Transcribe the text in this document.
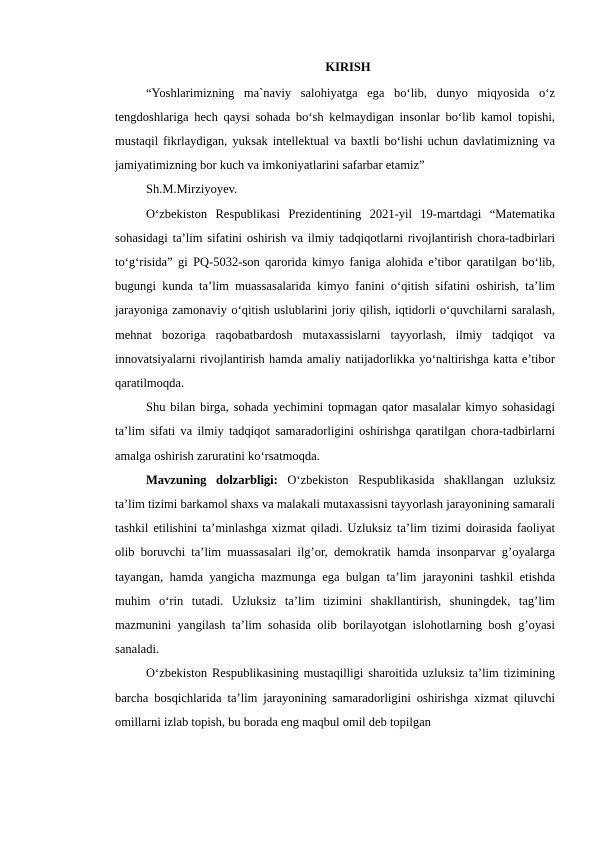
KIRISH

“Yoshlarimizning ma`naviy salohiyatga ega bo‘lib, dunyo miqyosida o‘z tengdoshlariga hech qaysi sohada bo‘sh kelmaydigan insonlar bo‘lib kamol topishi, mustaqil fikrlaydigan, yuksak intellektual va baxtli bo‘lishi uchun davlatimizning va jamiyatimizning bor kuch va imkoniyatlarini safarbar etamiz”

Sh.M.Mirziyoyev.

O‘zbekiston Respublikasi Prezidentining 2021-yil 19-martdagi “Matematika sohasidagi ta’lim sifatini oshirish va ilmiy tadqiqotlarni rivojlantirish chora-tadbirlari to‘g‘risida” gi PQ-5032-son qarorida kimyo faniga alohida e’tibor qaratilgan bo‘lib, bugungi kunda ta’lim muassasalarida kimyo fanini o‘qitish sifatini oshirish, ta’lim jarayoniga zamonaviy o‘qitish uslublarini joriy qilish, iqtidorli o‘quvchilarni saralash, mehnat bozoriga raqobatbardosh mutaxassislarni tayyorlash, ilmiy tadqiqot va innovatsiyalarni rivojlantirish hamda amaliy natijadorlikka yo‘naltirishga katta e’tibor qaratilmoqda.

Shu bilan birga, sohada yechimini topmagan qator masalalar kimyo sohasidagi ta’lim sifati va ilmiy tadqiqot samaradorligini oshirishga qaratilgan chora-tadbirlarni amalga oshirish zaruratini ko‘rsatmoqda.

Mavzuning dolzarbligi: O‘zbekiston Respublikasida shakllangan uzluksiz ta’lim tizimi barkamol shaxs va malakali mutaxassisni tayyorlash jarayonining samarali tashkil etilishini ta’minlashga xizmat qiladi. Uzluksiz ta’lim tizimi doirasida faoliyat olib boruvchi ta’lim muassasalari ilg’or, demokratik hamda insonparvar g’oyalarga tayangan, hamda yangicha mazmunga ega bulgan ta’lim jarayonini tashkil etishda muhim o‘rin tutadi. Uzluksiz ta’lim tizimini shakllantirish, shuningdek, tag’lim mazmunini yangilash ta’lim sohasida olib borilayotgan islohotlarning bosh g’oyasi sanaladi.

O‘zbekiston Respublikasining mustaqilligi sharoitida uzluksiz ta’lim tizimining barcha bosqichlarida ta’lim jarayonining samaradorligini oshirishga xizmat qiluvchi omillarni izlab topish, bu borada eng maqbul omil deb topilgan
